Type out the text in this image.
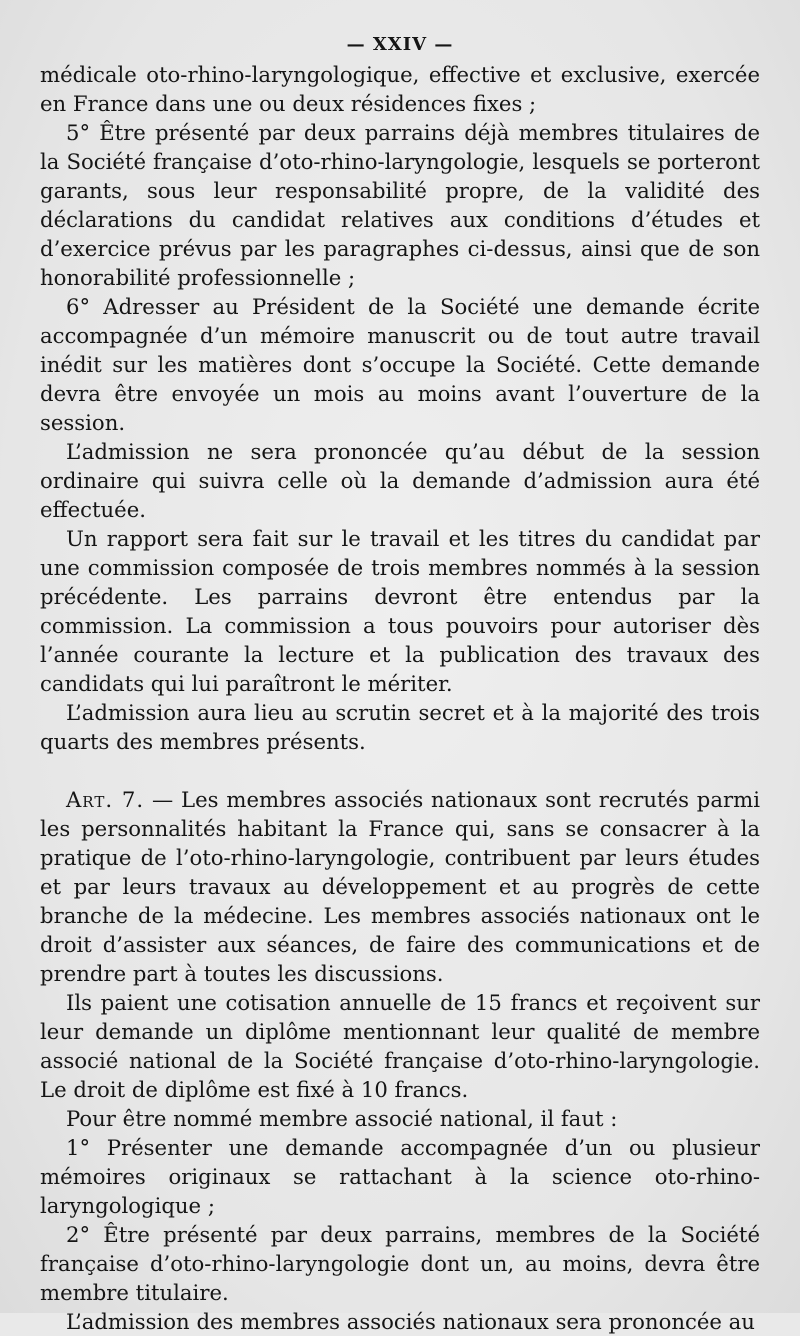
— XXIV —

médicale oto-rhino-laryngologique, effective et exclusive, exercée en France dans une ou deux résidences fixes ;

5° Être présenté par deux parrains déjà membres titulaires de la Société française d’oto-rhino-laryngologie, lesquels se porteront garants, sous leur responsabilité propre, de la validité des déclarations du candidat relatives aux conditions d’études et d’exercice prévus par les paragraphes ci-dessus, ainsi que de son honorabilité professionnelle ;

6° Adresser au Président de la Société une demande écrite accompagnée d’un mémoire manuscrit ou de tout autre travail inédit sur les matières dont s’occupe la Société. Cette demande devra être envoyée un mois au moins avant l’ouverture de la session.

L’admission ne sera prononcée qu’au début de la session ordinaire qui suivra celle où la demande d’admission aura été effectuée.

Un rapport sera fait sur le travail et les titres du candidat par une commission composée de trois membres nommés à la session précédente. Les parrains devront être entendus par la commission. La commission a tous pouvoirs pour autoriser dès l’année courante la lecture et la publication des travaux des candidats qui lui paraîtront le mériter.

L’admission aura lieu au scrutin secret et à la majorité des trois quarts des membres présents.

Art. 7. — Les membres associés nationaux sont recrutés parmi les personnalités habitant la France qui, sans se consacrer à la pratique de l’oto-rhino-laryngologie, contribuent par leurs études et par leurs travaux au développement et au progrès de cette branche de la médecine. Les membres associés nationaux ont le droit d’assister aux séances, de faire des communications et de prendre part à toutes les discussions.

Ils paient une cotisation annuelle de 15 francs et reçoivent sur leur demande un diplôme mentionnant leur qualité de membre associé national de la Société française d’oto-rhino-laryngologie. Le droit de diplôme est fixé à 10 francs.

Pour être nommé membre associé national, il faut :

1° Présenter une demande accompagnée d’un ou plusieur mémoires originaux se rattachant à la science oto-rhino-laryngologique ;

2° Être présenté par deux parrains, membres de la Société française d’oto-rhino-laryngologie dont un, au moins, devra être membre titulaire.

L’admission des membres associés nationaux sera prononcée au
